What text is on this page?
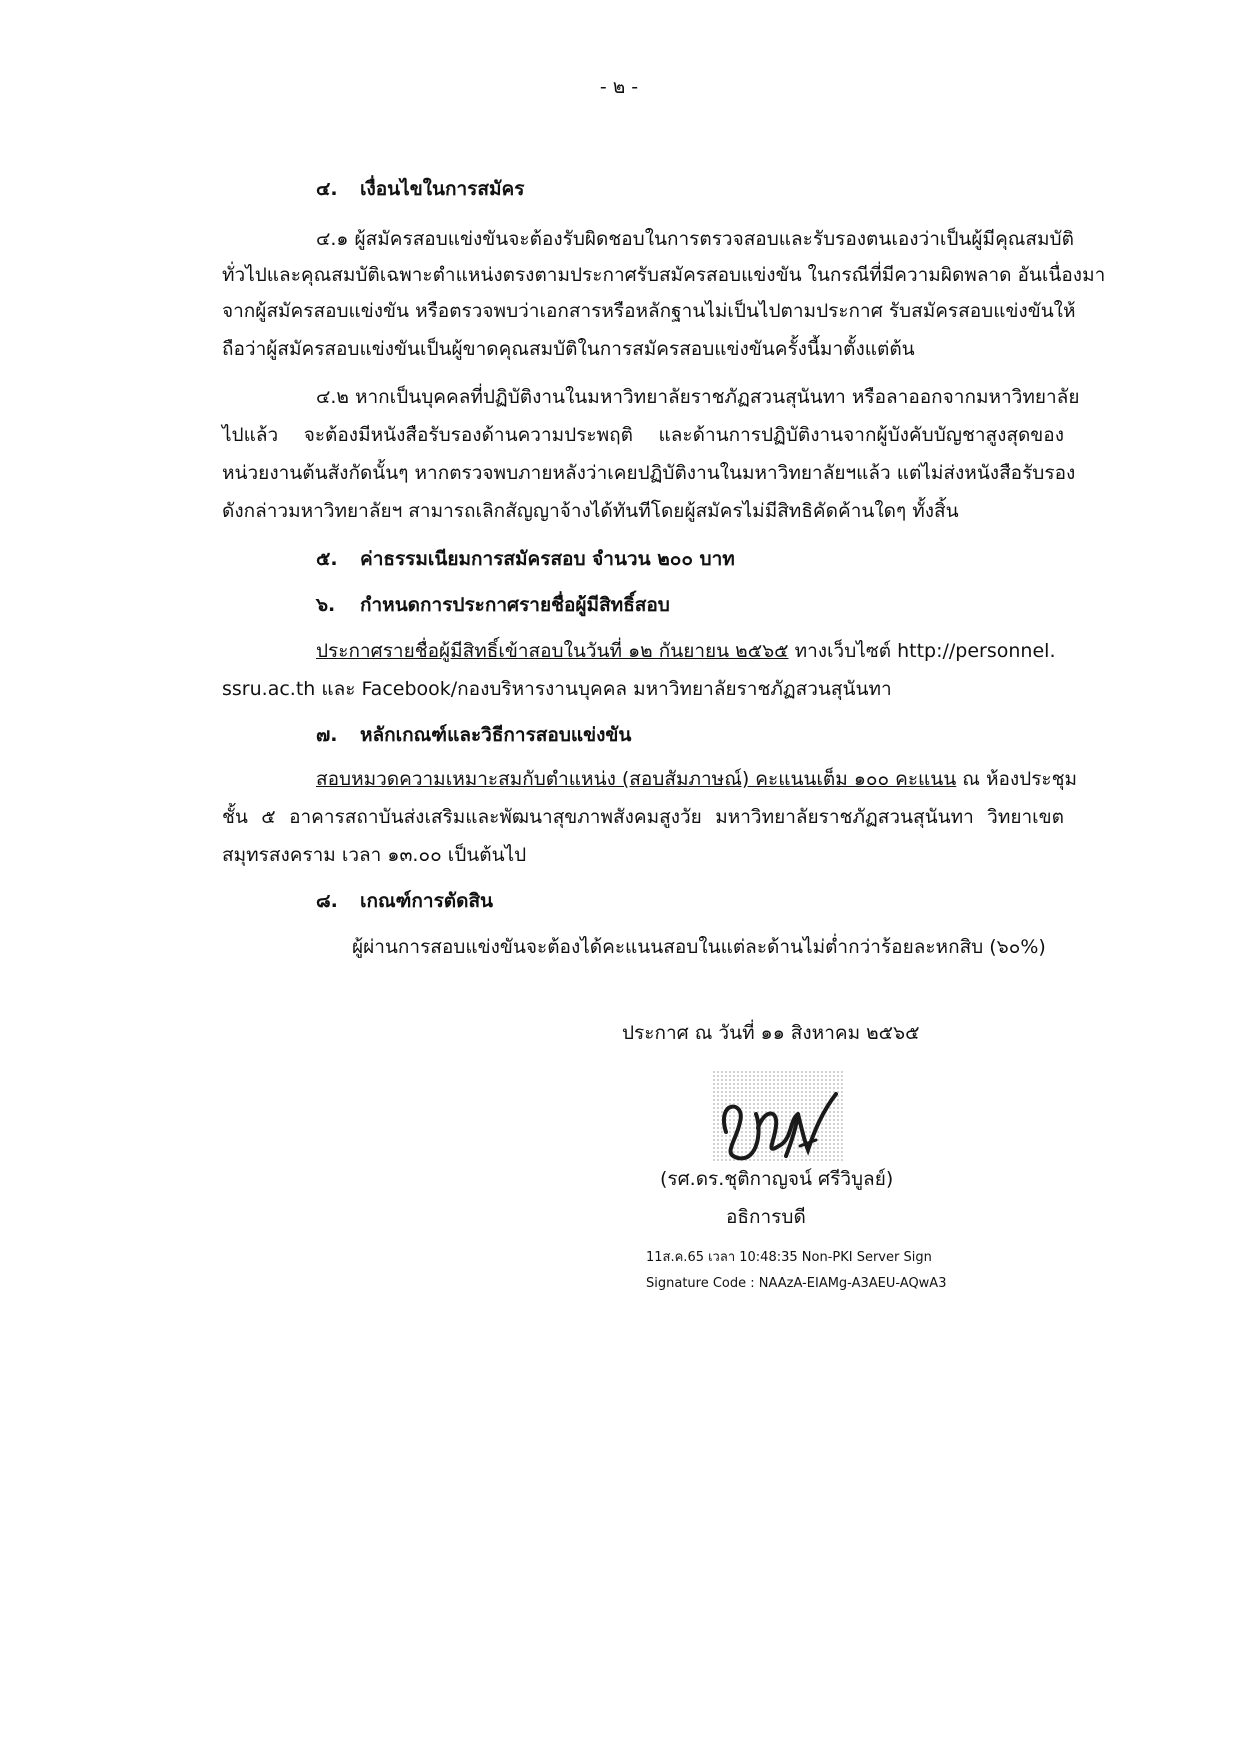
- ๒ -
๔. เงื่อนไขในการสมัคร
๔.๑ ผู้สมัครสอบแข่งขันจะต้องรับผิดชอบในการตรวจสอบและรับรองตนเองว่าเป็นผู้มีคุณสมบัติ
ทั่วไปและคุณสมบัติเฉพาะตำแหน่งตรงตามประกาศรับสมัครสอบแข่งขัน ในกรณีที่มีความผิดพลาด อันเนื่องมา
จากผู้สมัครสอบแข่งขัน หรือตรวจพบว่าเอกสารหรือหลักฐานไม่เป็นไปตามประกาศ รับสมัครสอบแข่งขันให้
ถือว่าผู้สมัครสอบแข่งขันเป็นผู้ขาดคุณสมบัติในการสมัครสอบแข่งขันครั้งนี้มาตั้งแต่ต้น
๔.๒ หากเป็นบุคคลที่ปฏิบัติงานในมหาวิทยาลัยราชภัฏสวนสุนันทา หรือลาออกจากมหาวิทยาลัย
ไปแล้ว จะต้องมีหนังสือรับรองด้านความประพฤติ และด้านการปฏิบัติงานจากผู้บังคับบัญชาสูงสุดของ
หน่วยงานต้นสังกัดนั้นๆ หากตรวจพบภายหลังว่าเคยปฏิบัติงานในมหาวิทยาลัยฯแล้ว แต่ไม่ส่งหนังสือรับรอง
ดังกล่าวมหาวิทยาลัยฯ สามารถเลิกสัญญาจ้างได้ทันทีโดยผู้สมัครไม่มีสิทธิคัดค้านใดๆ ทั้งสิ้น
๕. ค่าธรรมเนียมการสมัครสอบ จำนวน ๒๐๐ บาท
๖. กำหนดการประกาศรายชื่อผู้มีสิทธิ์สอบ
ประกาศรายชื่อผู้มีสิทธิ์เข้าสอบในวันที่ ๑๒ กันยายน ๒๕๖๕ ทางเว็บไซต์ http://personnel.
ssru.ac.th และ Facebook/กองบริหารงานบุคคล มหาวิทยาลัยราชภัฏสวนสุนันทา
๗. หลักเกณฑ์และวิธีการสอบแข่งขัน
สอบหมวดความเหมาะสมกับตำแหน่ง (สอบสัมภาษณ์) คะแนนเต็ม ๑๐๐ คะแนน ณ ห้องประชุม
ชั้น ๕ อาคารสถาบันส่งเสริมและพัฒนาสุขภาพสังคมสูงวัย มหาวิทยาลัยราชภัฏสวนสุนันทา วิทยาเขต
สมุทรสงคราม เวลา ๑๓.๐๐ เป็นต้นไป
๘. เกณฑ์การตัดสิน
ผู้ผ่านการสอบแข่งขันจะต้องได้คะแนนสอบในแต่ละด้านไม่ต่ำกว่าร้อยละหกสิบ (๖๐%)
ประกาศ ณ วันที่ ๑๑ สิงหาคม ๒๕๖๕
(รศ.ดร.ชุติกาญจน์ ศรีวิบูลย์)
อธิการบดี
11ส.ค.65 เวลา 10:48:35 Non-PKI Server Sign
Signature Code : NAAzA-EIAMg-A3AEU-AQwA3
